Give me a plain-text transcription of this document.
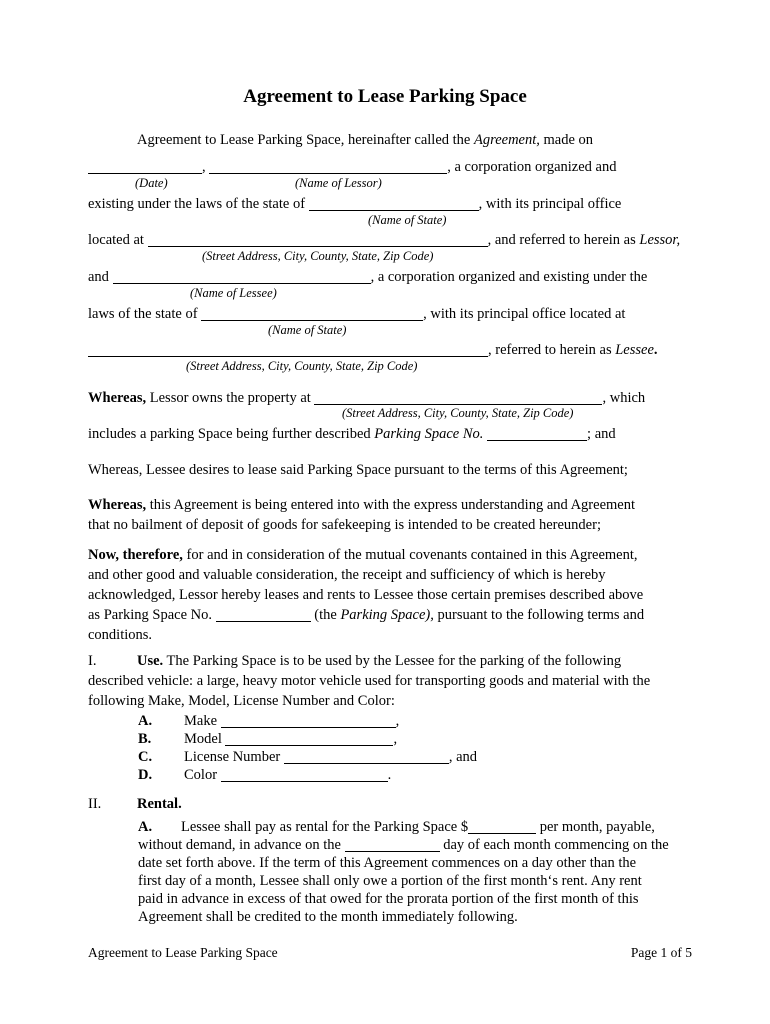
Agreement to Lease Parking Space
Agreement to Lease Parking Space, hereinafter called the Agreement, made on
,	, a corporation organized and
(Date)	(Name of Lessor)
existing under the laws of the state of	, with its principal office
(Name of State)
located at	, and referred to herein as Lessor,
(Street Address, City, County, State, Zip Code)
and	, a corporation organized and existing under the
(Name of Lessee)
laws of the state of	, with its principal office located at
(Name of State)
, referred to herein as Lessee.
(Street Address, City, County, State, Zip Code)
Whereas, Lessor owns the property at	, which
(Street Address, City, County, State, Zip Code)
includes a parking Space being further described Parking Space No.	; and
Whereas, Lessee desires to lease said Parking Space pursuant to the terms of this Agreement;
Whereas, this Agreement is being entered into with the express understanding and Agreement
that no bailment of deposit of goods for safekeeping is intended to be created hereunder;
Now, therefore, for and in consideration of the mutual covenants contained in this Agreement,
and other good and valuable consideration, the receipt and sufficiency of which is hereby
acknowledged, Lessor hereby leases and rents to Lessee those certain premises described above
as Parking Space No.	(the Parking Space), pursuant to the following terms and
conditions.
I.	Use. The Parking Space is to be used by the Lessee for the parking of the following
described vehicle: a large, heavy motor vehicle used for transporting goods and material with the
following Make, Model, License Number and Color:
A. Make	,
B. Model	,
C. License Number	, and
D. Color	.
II. Rental.
A. Lessee shall pay as rental for the Parking Space $	per month, payable,
without demand, in advance on the	day of each month commencing on the
date set forth above. If the term of this Agreement commences on a day other than the
first day of a month, Lessee shall only owe a portion of the first month‘s rent. Any rent
paid in advance in excess of that owed for the prorata portion of the first month of this
Agreement shall be credited to the month immediately following.
Agreement to Lease Parking Space	Page 1 of 5
